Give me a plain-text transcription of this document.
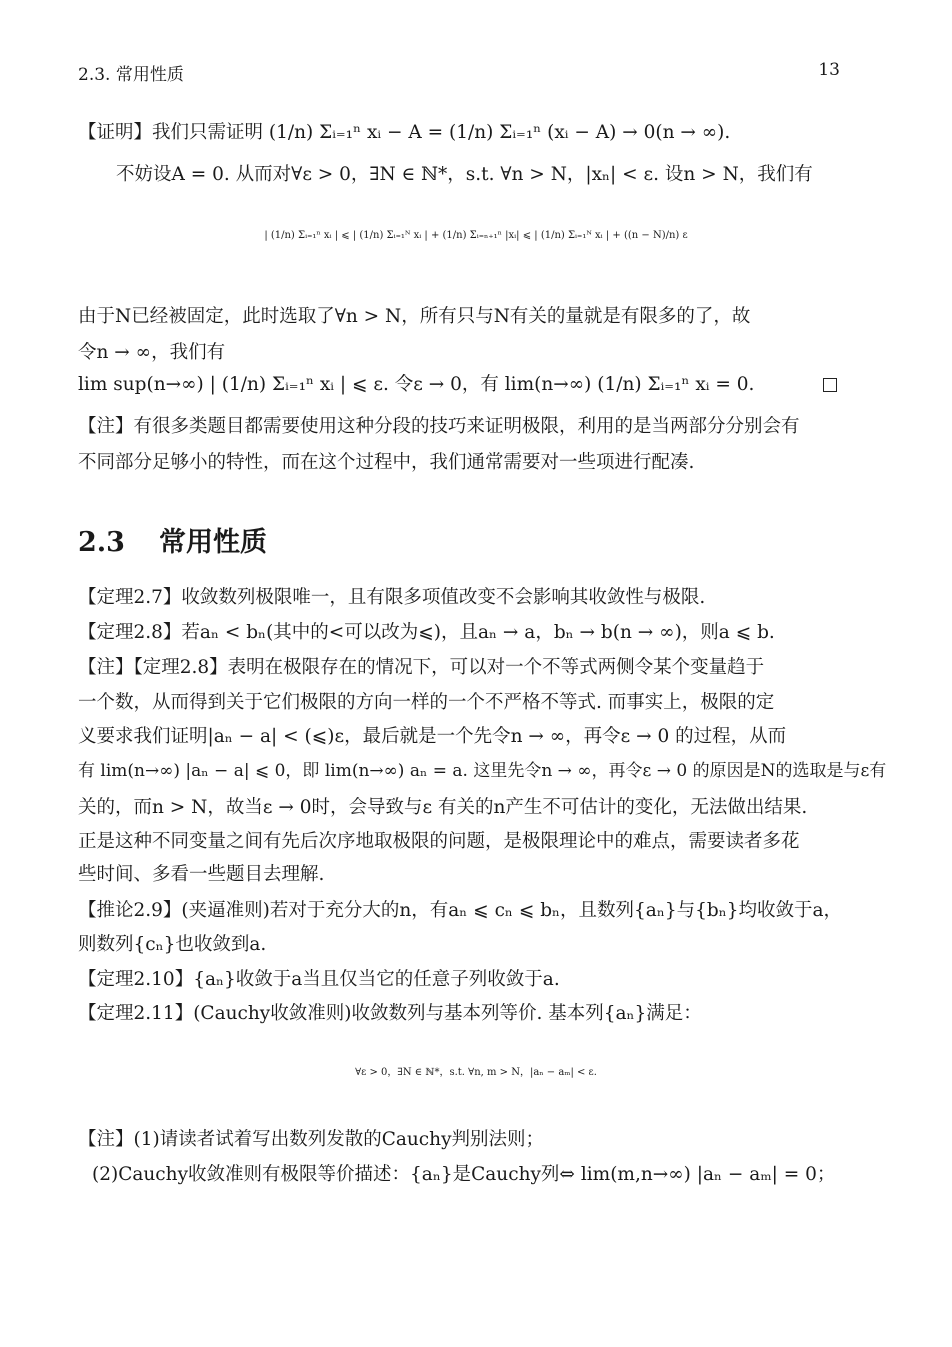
2.3. 常用性质	13
【证明】我们只需证明 (1/n) Σᵢ₌₁ⁿ xᵢ − A = (1/n) Σᵢ₌₁ⁿ (xᵢ − A) → 0(n → ∞).
不妨设A = 0. 从而对∀ε > 0，∃N ∈ ℕ*，s.t. ∀n > N，|xₙ| < ε. 设n > N，我们有
| (1/n) Σᵢ₌₁ⁿ xᵢ | ⩽ | (1/n) Σᵢ₌₁ᴺ xᵢ | + (1/n) Σᵢ₌ₙ₊₁ⁿ |xᵢ| ⩽ | (1/n) Σᵢ₌₁ᴺ xᵢ | + ((n − N)/n) ε
由于N已经被固定，此时选取了∀n > N，所有只与N有关的量就是有限多的了，故
令n → ∞，我们有
lim sup(n→∞) | (1/n) Σᵢ₌₁ⁿ xᵢ | ⩽ ε. 令ε → 0，有 lim(n→∞) (1/n) Σᵢ₌₁ⁿ xᵢ = 0.
【注】有很多类题目都需要使用这种分段的技巧来证明极限，利用的是当两部分分别会有
不同部分足够小的特性，而在这个过程中，我们通常需要对一些项进行配凑.
2.3 常用性质
【定理2.7】收敛数列极限唯一，且有限多项值改变不会影响其收敛性与极限.
【定理2.8】若aₙ < bₙ(其中的<可以改为⩽)，且aₙ → a，bₙ → b(n → ∞)，则a ⩽ b.
【注】【定理2.8】表明在极限存在的情况下，可以对一个不等式两侧令某个变量趋于
一个数，从而得到关于它们极限的方向一样的一个不严格不等式. 而事实上，极限的定
义要求我们证明|aₙ − a| < (⩽)ε，最后就是一个先令n → ∞，再令ε → 0 的过程，从而
有 lim(n→∞) |aₙ − a| ⩽ 0，即 lim(n→∞) aₙ = a. 这里先令n → ∞，再令ε → 0 的原因是N的选取是与ε有
关的，而n > N，故当ε → 0时，会导致与ε 有关的n产生不可估计的变化，无法做出结果.
正是这种不同变量之间有先后次序地取极限的问题，是极限理论中的难点，需要读者多花
些时间、多看一些题目去理解.
【推论2.9】(夹逼准则)若对于充分大的n，有aₙ ⩽ cₙ ⩽ bₙ，且数列{aₙ}与{bₙ}均收敛于a，
则数列{cₙ}也收敛到a.
【定理2.10】{aₙ}收敛于a当且仅当它的任意子列收敛于a.
【定理2.11】(Cauchy收敛准则)收敛数列与基本列等价. 基本列{aₙ}满足：
∀ε > 0，∃N ∈ ℕ*，s.t. ∀n, m > N，|aₙ − aₘ| < ε.
【注】(1)请读者试着写出数列发散的Cauchy判别法则；
(2)Cauchy收敛准则有极限等价描述：{aₙ}是Cauchy列⇔ lim(m,n→∞) |aₙ − aₘ| = 0；
